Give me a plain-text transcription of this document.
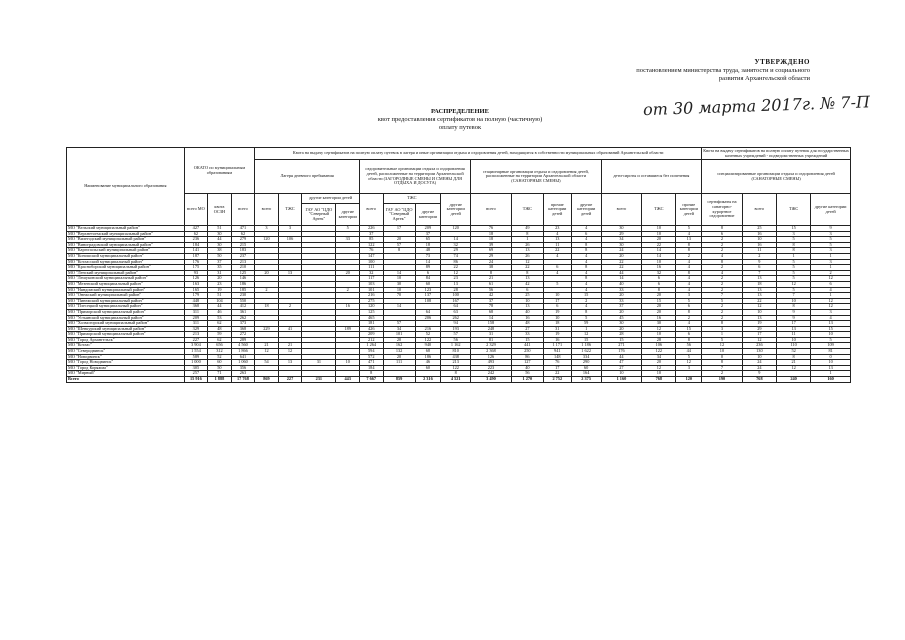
УТВЕРЖДЕНО
постановлением министерства труда, занятости и социального
развития Архангельской области
от 30 марта 2017г. № 7-П
РАСПРЕДЕЛЕНИЕ
квот предоставления сертификатов на полную (частичную)
оплату путевок
Наименование муниципального образования	ОКАТО по муниципальным образованиям			Квота на выдачу сертификатов на полную оплату путевок в лагеря и иные организации отдыха и оздоровления детей, находящиеся в собственности муниципальных образований Архангельской области															Квота на выдачу сертификатов на полную оплату путевок для государственных казенных учреждений - подведомственных учреждений			
				Лагеря дневного пребывания				оздоровительные организации отдыха и оздоровления детей, расположенные на территории Архангельской области (ЗАГОРОДНЫЕ СМЕНЫ И СМЕНЫ ДЛЯ ОТДЫХА И ДОСУГА)				стационарные организации отдыха и оздоровления детей, расположенные на территории Архангельской области (САНАТОРНЫЕ СМЕНЫ)				дети-сироты и оставшиеся без попечения			специализированные организации отдыха и оздоровления детей (САНАТОРНЫЕ СМЕНЫ)			
	всего МО	квота ОСЗН	всего	всего	ТЖС	другие категории детей		всего	ТЖС		другие категории детей	всего	ТЖС	прочие категории детей	другие категории детей	всего	ТЖС	прочие категории детей	сертификаты на санаторно-курортное оздоровление	всего	ТЖС	другие категории детей
						ГАУ АО "ЦДО "Северный Артек"	другие категории		ГАУ АО "ЦДО "Северный Артек"	другие категории												
МО "Вельский муниципальный район"	427	51	471	3	3		5	226	17	209	120	76	49	23	4	30	10	5	8	25	15	9
МО "Верхнетоемский муниципальный район"	62	30	62					37		37		18	8	4	6	29	10	4	6	16	3	3
МО "Вилегодский муниципальный район"	236	44	279	120	106		33	85	20	65	14	18	1	13	4	34	20	13	2	10	5	5
МО "Виноградовский муниципальный район"	184	30	215					122	57	18	32	39	26	11	8	30	22	8	2	16	8	5
МО "Каргопольский муниципальный район"	141	38	183					76	8	48	29	69	13	22	8	24	14	8	2	11	8	3
МО "Коношский муниципальный район"	187	50	237					147		73	74	29	26	4	4	20	14	2	4	2	1	1
МО "Котласский муниципальный район"	176	37	213					100		14	86	24	12		4	22	10	4	8	9	5	3
МО "Красноборский муниципальный район"	175	35	210					111		89	22	38	22	6	8	22	16	4	2	6	5	1
МО "Ленский муниципальный район"	93	31	125	20	13		20	32	14	6	12	8	8	4	4	44	32	8	4	7	5	2
МО "Лешуконский муниципальный район"	126	20	146					117	10	84	23	21	13		8	14	6	4	2	13	5	12
МО "Мезенский муниципальный район"	163	23	186					103	30	60	13	61	42	5	4	40	6	4	2	18	12	6
МО "Няндомский муниципальный район"	165	19	185	2			2	101	10	123	28	56	6		4	33	8	4	2	13	5	4
МО "Онежский муниципальный район"	179	51	230					216	70	137	100	42	25	10	15	20	20	3	7	13	7	1
МО "Пинежский муниципальный район"	448	104	550					275		108	167	37	10	17	2	33	15	5	5	22	10	12
МО "Плесецкий муниципальный район"	368	44	412	18	2		16	120	14		64	78	13	6	4	37	20	6	2	12	8	12
МО "Приморский муниципальный район"	311	46	361					125		64	63	68	40	19	8	20	20	8	2	10	9	3
МО "Устьянский муниципальный район"	209	53	262					465		206	262	14	16	10	5	45	16	2	2	13	9	4
МО "Холмогорский муниципальный район"	311	62	373					181	57		94	158	48	18	59	30	30	4	8	19	17	13
МО "Шенкурский муниципальный район"	329	48	368	229	41		189	426	34	216	193	248	27	31	1	20	12	15	3	29	13	15
МО "Приморский муниципальный район"	213	59	272					209	101	52	57	31	33	19	12	28	10	6	1	17	11	10
МО "Город Архангельск"	227	62	289					212	20	122	56	81	15	16	15	15	28	8	5	12	10	5
МО "Котлас"	3 904	656	4 560	21	21			1 264	162	940	1 162	2 329	441	1 171	1 186	271	106	56	12	236	110	109
МО "Северодвинск"	1 554	312	1 866	12	12			594	132	68	810	2 368	250	941	1 622	176	122	44	10	130	52	81
МО "Новодвинск"	589	52	641					572	20	186	438	126	86	148	334	44	34	5	0	10	8	0
МО "Город Новодвинск"	1 000	60	1 060	54	13	31	10	471	111	46	213	493	127	76	290	47	20	12	8	24	21	10
МО "Город Коряжма"	305	50	356					184		60	122	223	40	17	60	27	12	3	7	24	12	13
МО "Мирный"	257	71	263					8			8	242	56	22	164	10	10		2	9		1
Всего	15 916	1 888	17 768	869	227	231	443	7 667	859	2 316	4 521	3 490	1 270	2 752	2 375	1 160	768	120	190	768	240	160
